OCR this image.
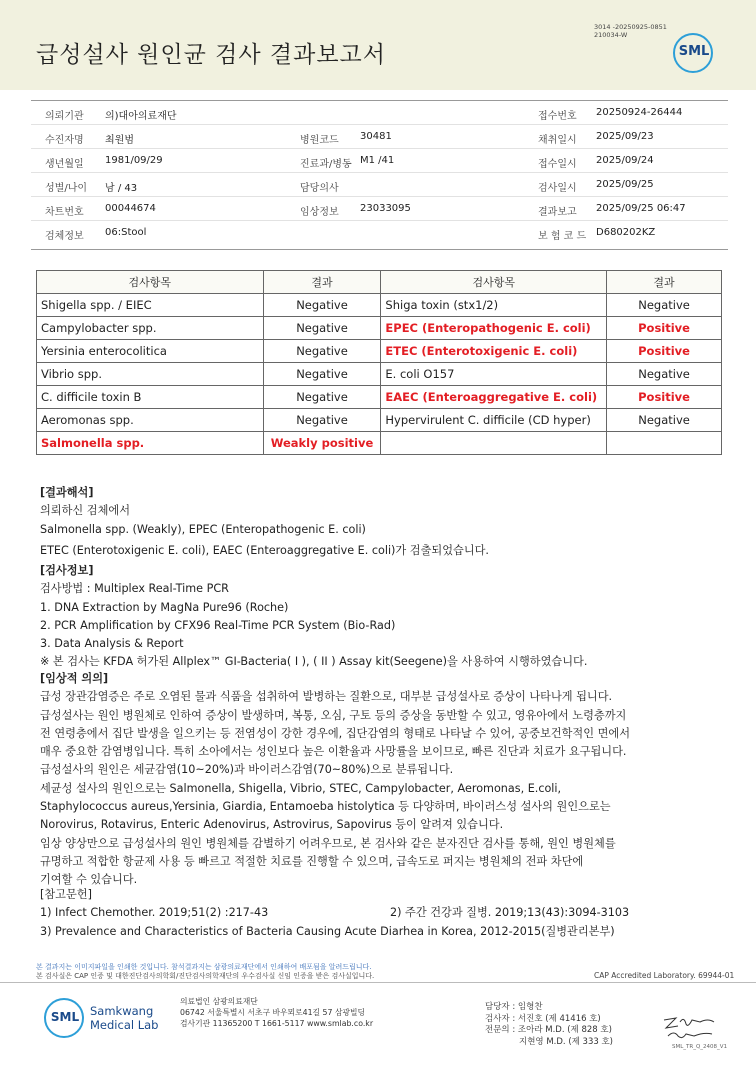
급성설사 원인균 검사 결과보고서
3014 -20250925-0851
210034-W
SML
의뢰기관 의)대아의료재단	접수번호 20250924-26444
수진자명 최원범	병원코드 30481	채취일시 2025/09/23
생년월일 1981/09/29	진료과/병동 M1 /41	접수일시 2025/09/24
성별/나이 남 / 43	담당의사	검사일시 2025/09/25
차트번호 00044674	임상정보 23033095	결과보고 2025/09/25 06:47
검체정보 06:Stool	보 험 코 드 D680202KZ
검사항목	결과	검사항목	결과
Shigella spp. / EIEC	Negative	Shiga toxin (stx1/2)	Negative
Campylobacter spp.	Negative	EPEC (Enteropathogenic E. coli)	Positive
Yersinia enterocolitica	Negative	ETEC (Enterotoxigenic E. coli)	Positive
Vibrio spp.	Negative	E. coli O157	Negative
C. difficile toxin B	Negative	EAEC (Enteroaggregative E. coli)	Positive
Aeromonas spp.	Negative	Hypervirulent C. difficile (CD hyper)	Negative
Salmonella spp.	Weakly positive		
[결과해석]
의뢰하신 검체에서
Salmonella spp. (Weakly), EPEC (Enteropathogenic E. coli)
ETEC (Enterotoxigenic E. coli), EAEC (Enteroaggregative E. coli)가 검출되었습니다.
[검사정보]
검사방법 : Multiplex Real-Time PCR
1. DNA Extraction by MagNa Pure96 (Roche)
2. PCR Amplification by CFX96 Real-Time PCR System (Bio-Rad)
3. Data Analysis & Report
※ 본 검사는 KFDA 허가된 Allplex™ GI-Bacteria( I ), ( II ) Assay kit(Seegene)을 사용하여 시행하였습니다.
[임상적 의의]
급성 장관감염증은 주로 오염된 물과 식품을 섭취하여 발병하는 질환으로, 대부분 급성설사로 증상이 나타나게 됩니다.
급성설사는 원인 병원체로 인하여 증상이 발생하며, 복통, 오심, 구토 등의 증상을 동반할 수 있고, 영유아에서 노령층까지
전 연령층에서 집단 발생을 일으키는 등 전염성이 강한 경우에, 집단감염의 형태로 나타날 수 있어, 공중보건학적인 면에서
매우 중요한 감염병입니다. 특히 소아에서는 성인보다 높은 이환율과 사망률을 보이므로, 빠른 진단과 치료가 요구됩니다.
급성설사의 원인은 세균감염(10~20%)과 바이러스감염(70~80%)으로 분류됩니다.
세균성 설사의 원인으로는 Salmonella, Shigella, Vibrio, STEC, Campylobacter, Aeromonas, E.coli,
Staphylococcus aureus,Yersinia, Giardia, Entamoeba histolytica 등 다양하며, 바이러스성 설사의 원인으로는
Norovirus, Rotavirus, Enteric Adenovirus, Astrovirus, Sapovirus 등이 알려져 있습니다.
임상 양상만으로 급성설사의 원인 병원체를 감별하기 어려우므로, 본 검사와 같은 분자진단 검사를 통해, 원인 병원체를
규명하고 적합한 항균제 사용 등 빠르고 적절한 치료를 진행할 수 있으며, 급속도로 퍼지는 병원체의 전파 차단에
기여할 수 있습니다.
[참고문헌]
1) Infect Chemother. 2019;51(2) :217-43	2) 주간 건강과 질병. 2019;13(43):3094-3103
3) Prevalence and Characteristics of Bacteria Causing Acute Diarhea in Korea, 2012-2015(질병관리본부)
본 결과지는 이미지파일을 인쇄한 것입니다. 참석결과지는 삼광의료재단에서 인쇄하여 배포됨을 알려드립니다.
본 검사실은 CAP 인증 및 대한진단검사의학회/진단검사의학재단의 우수검사실 신임 인증을 받은 검사실입니다.	CAP Accredited Laboratory. 69944-01
SML Samkwang
Medical Lab
의료법인 삼광의료재단
06742 서울특별시 서초구 바우뫼로41길 57 삼광빌딩
검사기관 11365200 T 1661-5117 www.smlab.co.kr
담당자 : 임형찬
검사자 : 서진호 (제 41416 호)
전문의 : 조아라 M.D. (제 828 호)
지현영 M.D. (제 333 호)
SML_TR_Q_2408_V1
